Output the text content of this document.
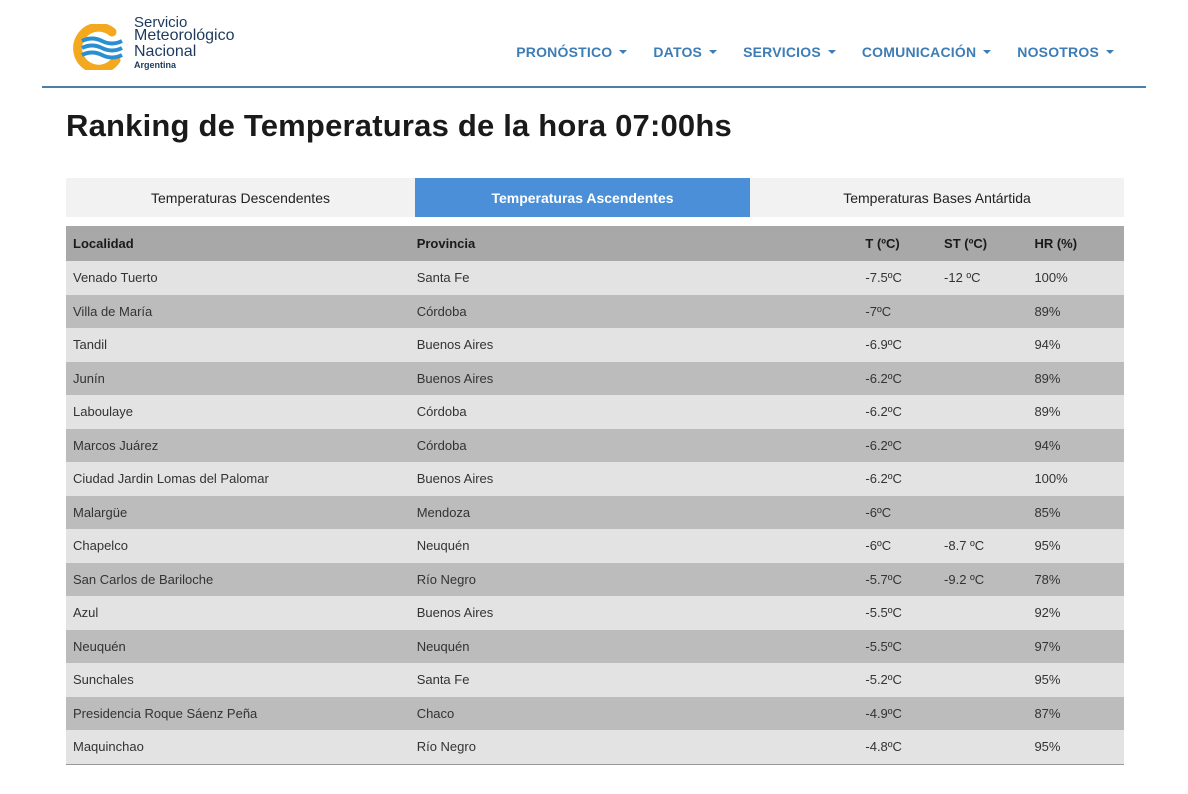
Servicio
Meteorológico
Nacional
Argentina
PRONÓSTICO	DATOS	SERVICIOS	COMUNICACIÓN	NOSOTROS
Ranking de Temperaturas de la hora 07:00hs
Temperaturas Descendentes	Temperaturas Ascendentes	Temperaturas Bases Antártida
Localidad	Provincia	T (ºC)	ST (ºC)	HR (%)
Venado Tuerto	Santa Fe	-7.5ºC	-12 ºC	100%
Villa de María	Córdoba	-7ºC		89%
Tandil	Buenos Aires	-6.9ºC		94%
Junín	Buenos Aires	-6.2ºC		89%
Laboulaye	Córdoba	-6.2ºC		89%
Marcos Juárez	Córdoba	-6.2ºC		94%
Ciudad Jardin Lomas del Palomar	Buenos Aires	-6.2ºC		100%
Malargüe	Mendoza	-6ºC		85%
Chapelco	Neuquén	-6ºC	-8.7 ºC	95%
San Carlos de Bariloche	Río Negro	-5.7ºC	-9.2 ºC	78%
Azul	Buenos Aires	-5.5ºC		92%
Neuquén	Neuquén	-5.5ºC		97%
Sunchales	Santa Fe	-5.2ºC		95%
Presidencia Roque Sáenz Peña	Chaco	-4.9ºC		87%
Maquinchao	Río Negro	-4.8ºC		95%
